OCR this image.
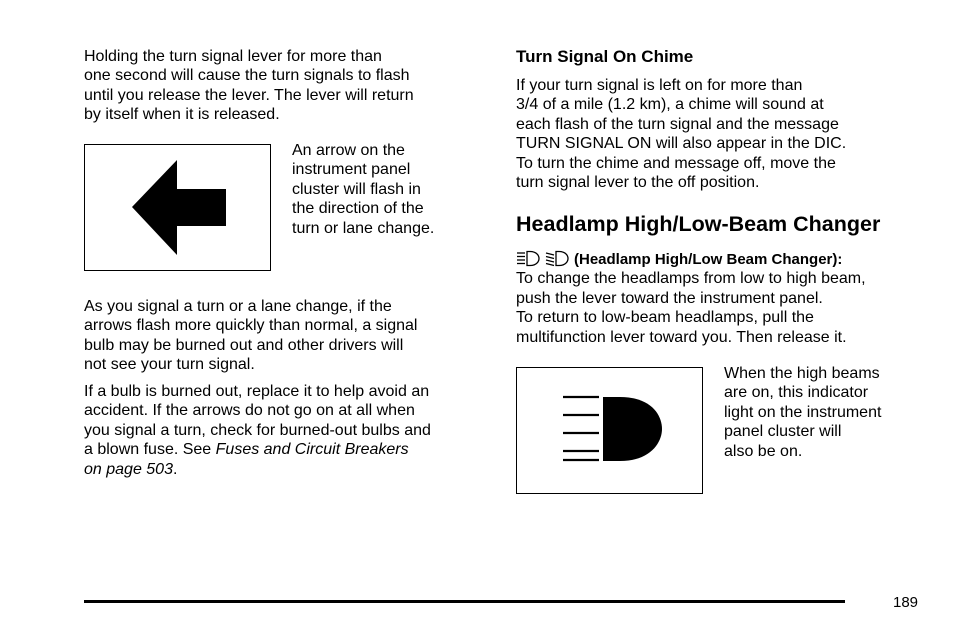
Holding the turn signal lever for more than
one second will cause the turn signals to flash
until you release the lever. The lever will return
by itself when it is released.

An arrow on the
instrument panel
cluster will flash in
the direction of the
turn or lane change.

As you signal a turn or a lane change, if the
arrows flash more quickly than normal, a signal
bulb may be burned out and other drivers will
not see your turn signal.

If a bulb is burned out, replace it to help avoid an
accident. If the arrows do not go on at all when
you signal a turn, check for burned-out bulbs and
a blown fuse. See Fuses and Circuit Breakers
on page 503.

Turn Signal On Chime

If your turn signal is left on for more than
3/4 of a mile (1.2 km), a chime will sound at
each flash of the turn signal and the message
TURN SIGNAL ON will also appear in the DIC.
To turn the chime and message off, move the
turn signal lever to the off position.

Headlamp High/Low-Beam Changer

(Headlamp High/Low Beam Changer):
To change the headlamps from low to high beam,
push the lever toward the instrument panel.
To return to low-beam headlamps, pull the
multifunction lever toward you. Then release it.

When the high beams
are on, this indicator
light on the instrument
panel cluster will
also be on.

189
